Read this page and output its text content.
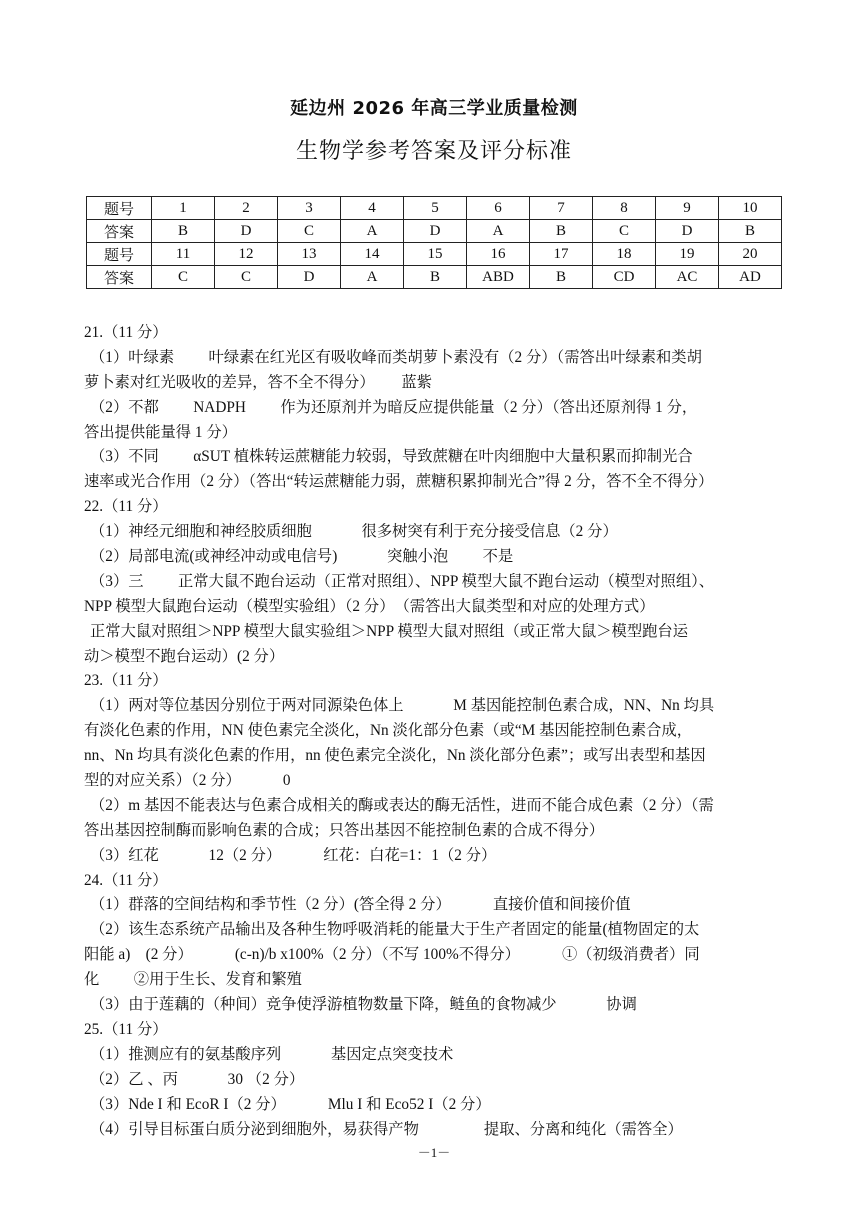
延边州 2026 年高三学业质量检测
生物学参考答案及评分标准
题号	1	2	3	4	5	6	7	8	9	10
答案	B	D	C	A	D	A	B	C	D	B
题号	11	12	13	14	15	16	17	18	19	20
答案	C	C	D	A	B	ABD	B	CD	AC	AD
21.（11 分）
（1）叶绿素　　 叶绿素在红光区有吸收峰而类胡萝卜素没有（2 分）（需答出叶绿素和类胡
萝卜素对红光吸收的差异，答不全不得分）　　 蓝紫
（2）不都　　 NADPH　　 作为还原剂并为暗反应提供能量（2 分）（答出还原剂得 1 分，
答出提供能量得 1 分）
（3）不同　　 αSUT 植株转运蔗糖能力较弱，导致蔗糖在叶肉细胞中大量积累而抑制光合
速率或光合作用（2 分）（答出“转运蔗糖能力弱，蔗糖积累抑制光合”得 2 分，答不全不得分）
22.（11 分）
（1）神经元细胞和神经胶质细胞　　　 很多树突有利于充分接受信息（2 分）
（2）局部电流(或神经冲动或电信号)　　　 突触小泡　　 不是
（3）三　　 正常大鼠不跑台运动（正常对照组）、NPP 模型大鼠不跑台运动（模型对照组）、
NPP 模型大鼠跑台运动（模型实验组）（2 分）　（需答出大鼠类型和对应的处理方式）
正常大鼠对照组＞NPP 模型大鼠实验组＞NPP 模型大鼠对照组（或正常大鼠＞模型跑台运
动＞模型不跑台运动）(2 分）
23.（11 分）
（1）两对等位基因分别位于两对同源染色体上　　　 M 基因能控制色素合成，NN、Nn 均具
有淡化色素的作用，NN 使色素完全淡化，Nn 淡化部分色素（或“M 基因能控制色素合成，
nn、Nn 均具有淡化色素的作用，nn 使色素完全淡化，Nn 淡化部分色素”；或写出表型和基因
型的对应关系）（2 分）　　　 0
（2）m 基因不能表达与色素合成相关的酶或表达的酶无活性，进而不能合成色素（2 分）（需
答出基因控制酶而影响色素的合成；只答出基因不能控制色素的合成不得分）
（3）红花　　　 12（2 分）　　　 红花：白花=1：1（2 分）
24.（11 分）
（1）群落的空间结构和季节性（2 分）(答全得 2 分）　　　 直接价值和间接价值
（2）该生态系统产品输出及各种生物呼吸消耗的能量大于生产者固定的能量(植物固定的太
阳能 a)　(2 分）　　　 (c-n)/b x100%（2 分）（不写 100%不得分）　　　 ①（初级消费者）同
化　　 ②用于生长、发育和繁殖
（3）由于莲藕的（种间）竞争使浮游植物数量下降，鲢鱼的食物减少　　　 协调
25.（11 分）
（1）推测应有的氨基酸序列　　　 基因定点突变技术
（2）乙 、丙　　　 30 （2 分）
（3）Nde I 和 EcoR I（2 分）　　　 Mlu I 和 Eco52 I（2 分）
（4）引导目标蛋白质分泌到细胞外，易获得产物　　　　 提取、分离和纯化（需答全）
－1－
